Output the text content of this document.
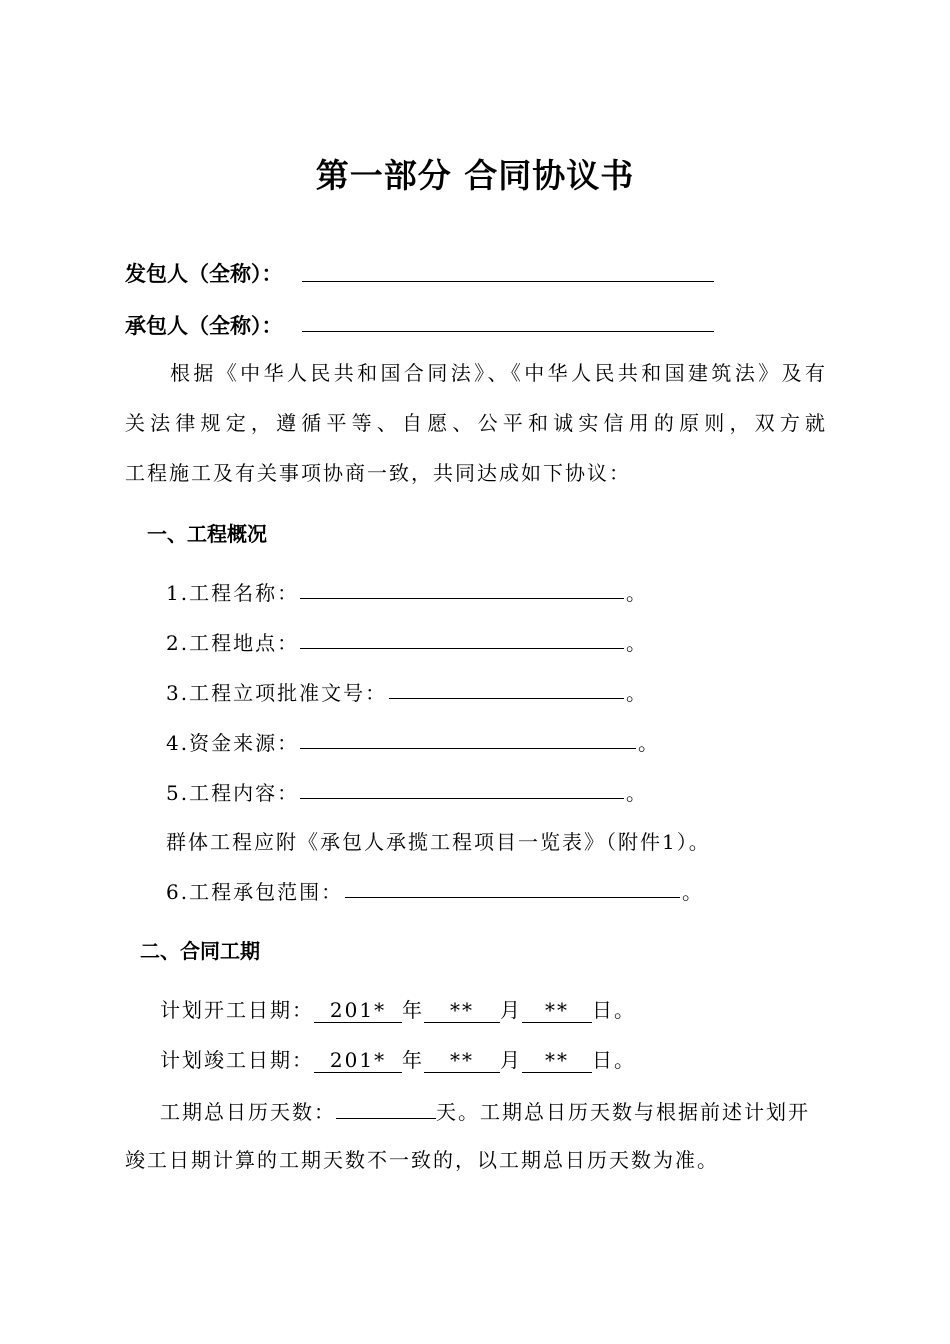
第一部分 合同协议书
发包人（全称）：
承包人（全称）：
根据《中华人民共和国合同法》、《中华人民共和国建筑法》及有
关法律规定，遵循平等、自愿、公平和诚实信用的原则，双方就
工程施工及有关事项协商一致，共同达成如下协议：
一、工程概况
1.工程名称：	。
2.工程地点：	。
3.工程立项批准文号：	。
4.资金来源：	。
5.工程内容：	。
群体工程应附《承包人承揽工程项目一览表》（附件1）。
6.工程承包范围：	。
二、合同工期
计划开工日期： 201* 年 ** 月 ** 日。
计划竣工日期： 201* 年 ** 月 ** 日。
工期总日历天数：	天。工期总日历天数与根据前述计划开
竣工日期计算的工期天数不一致的，以工期总日历天数为准。
